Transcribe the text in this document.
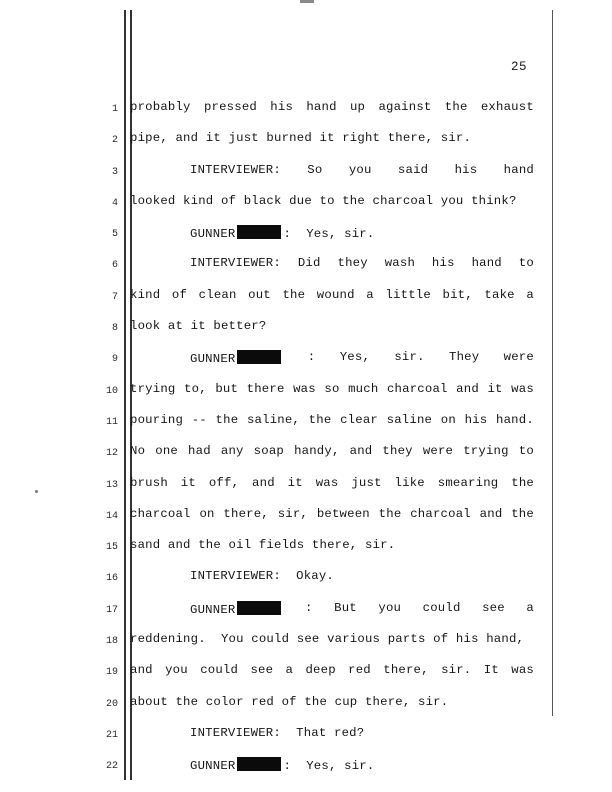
25
1 probably pressed his hand up against the exhaust
2 pipe, and it just burned it right there, sir.
3	INTERVIEWER: So you said his hand
4 looked kind of black due to the charcoal you think?
5	GUNNER	:  Yes, sir.
6	INTERVIEWER: Did they wash his hand to
7 kind of clean out the wound a little bit, take a
8 look at it better?
9	GUNNER	: Yes, sir. They were
10 trying to, but there was so much charcoal and it was
11 pouring -- the saline, the clear saline on his hand.
12 No one had any soap handy, and they were trying to
13 brush it off, and it was just like smearing the
14 charcoal on there, sir, between the charcoal and the
15 sand and the oil fields there, sir.
16	INTERVIEWER:  Okay.
17	GUNNER	: But you could see a
18 reddening.  You could see various parts of his hand,
19 and you could see a deep red there, sir. It was
20 about the color red of the cup there, sir.
21	INTERVIEWER:  That red?
22	GUNNER	:  Yes, sir.
